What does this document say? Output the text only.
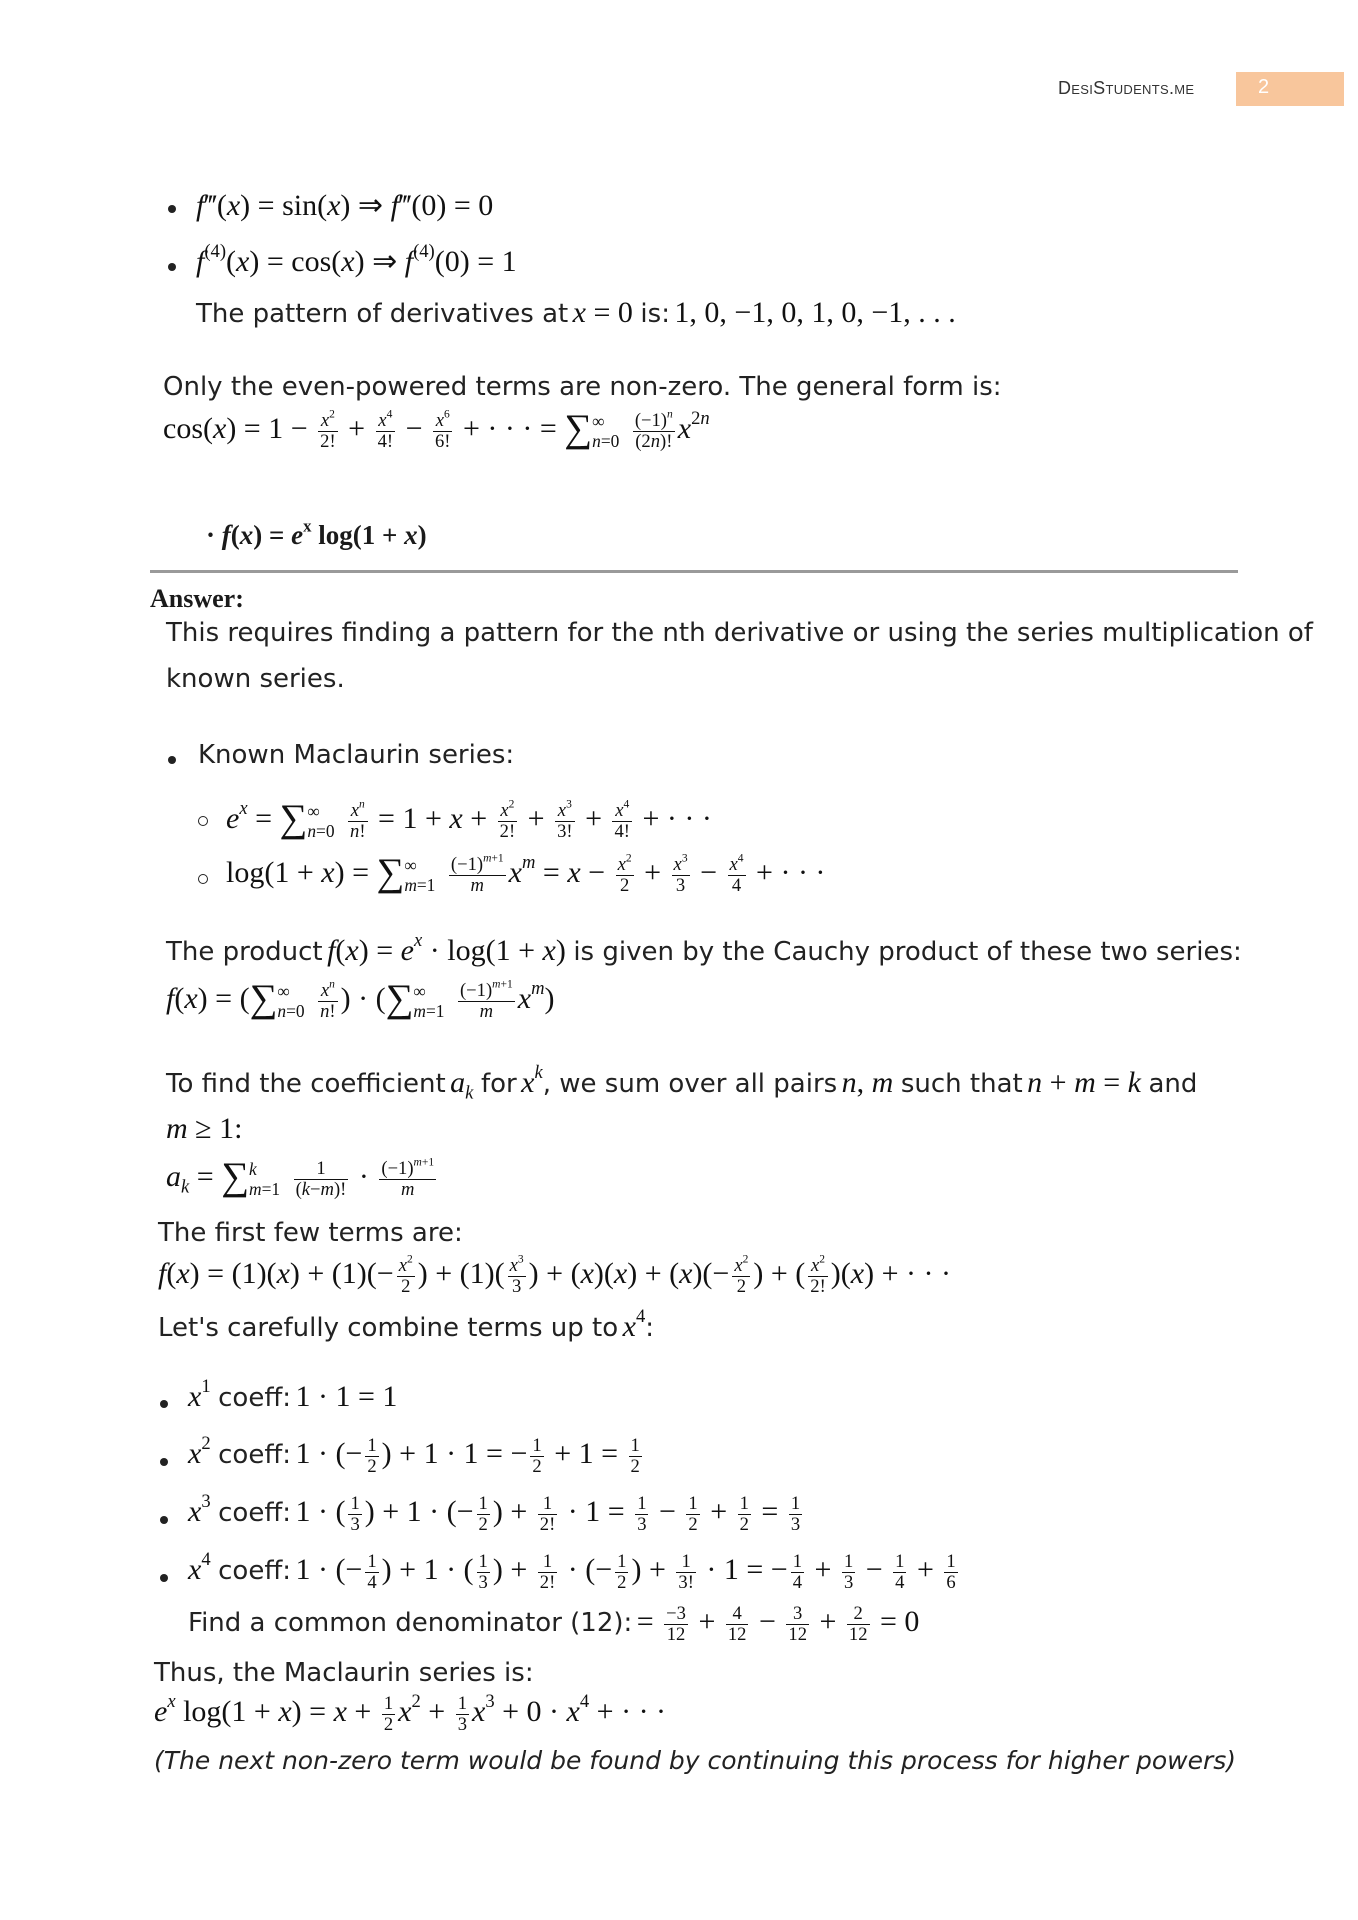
DesiStudents.me	2
f‴(x) = sin(x) ⇒ f‴(0) = 0
$f^{(4)}(x) = \cos(x)$ ⇒ $f^{(4)}(0) = 1$
The pattern of derivatives at x = 0 is: 1, 0, −1, 0, 1, 0, −1, . . .
Only the even-powered terms are non-zero. The general form is:
$\cos(x) = 1 - \frac{x^2}{2!} + \frac{x^4}{4!} - \frac{x^6}{6!}$ + · · · = ∑ ∞
n=0
$\frac{(-1)^n}{(2n)!} x^{2n}$
· $f(x) = e^x$ log(1 + x)
Answer:
This requires finding a pattern for the nth derivative or using the series multiplication of
known series.
Known Maclaurin series:
$e^x$ = ∑ ∞
n=0
$\frac{x^n}{n!} = 1 + x + \frac{x^2}{2!} + \frac{x^3}{3!} + \frac{x^4}{4!}$ + · · ·
log(1 + x) = ∑ ∞
m=1
$\frac{(-1)^{m+1}}{m} x^m = x - \frac{x^2}{2} + \frac{x^3}{3} - \frac{x^4}{4}$ + · · ·
The product $f(x) = e^x \cdot \log(1 + x)$ is given by the Cauchy product of these two series:
f(x) = (∑ ∞
n=0
$\frac{x^n}{n!}$ ) · (∑ ∞
m=1
$\frac{(-1)^{m+1}}{m} x^m$)
To find the coefficient $a_k$ for $x^k$, we sum over all pairs n, m such that n + m = k and
m ≥ 1:
$a_k$ = ∑ k
m=1
$\frac{1}{(k-m)!} \cdot \frac{(-1)^{m+1}}{m}$
The first few terms are:
$f(x) = (1)(x) + (1)(- \frac{x^2}{2}$ ) + $(1)( \frac{x^3}{3}$ ) + $(x)(x) + (x)(- \frac{x^2}{2}$ ) + ( $\frac{x^2}{2!} )(x)$ + · · ·
Let's carefully combine terms up to $x^4$:
$x^1$ coeff: 1 · 1 = 1
$x^2$ coeff: 1 · (− $\frac{1}{2}$ ) + 1 · 1 = − $\frac{1}{2} + 1 = \frac{1}{2}$
$x^3$ coeff: 1 · ( $\frac{1}{3}$ ) + 1 · (− $\frac{1}{2}$ ) + $\frac{1}{2!} \cdot 1 = \frac{1}{3} - \frac{1}{2} + \frac{1}{2} = \frac{1}{3}$
$x^4$ coeff: 1 · (− $\frac{1}{4}$ ) + 1 · ( $\frac{1}{3}$ ) + $\frac{1}{2!}$ · (− $\frac{1}{2}$ ) + $\frac{1}{3!} \cdot 1$ = − $\frac{1}{4} + \frac{1}{3} - \frac{1}{4} + \frac{1}{6}$
Find a common denominator (12): = $\frac{-3}{12} + \frac{4}{12} - \frac{3}{12} + \frac{2}{12} = 0$
Thus, the Maclaurin series is:
$e^x$ $\log(1 + x) = x + \frac{1}{2} x^2 + \frac{1}{3} x^3 + 0 \cdot x^4$ + · · ·
(The next non-zero term would be found by continuing this process for higher powers)
